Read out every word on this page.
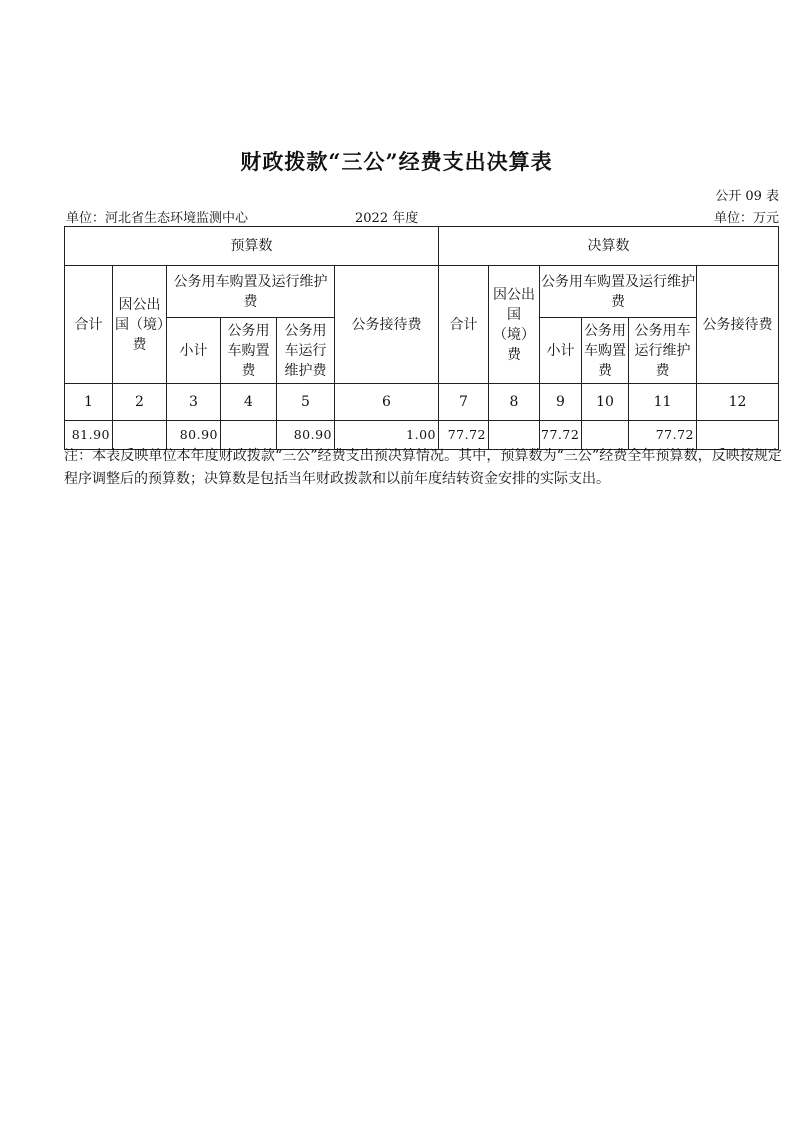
财政拨款“三公”经费支出决算表
公开 09 表
单位：河北省生态环境监测中心	2022 年度	单位：万元
预算数						决算数					
合计	因公出国（境）费	公务用车购置及运行维护费			公务接待费	合计	因公出国（境）费	公务用车购置及运行维护费			公务接待费
		小计	公务用车购置费	公务用车运行维护费				小计	公务用车购置费	公务用车运行维护费	
1	2	3	4	5	6	7	8	9	10	11	12
81.90		80.90		80.90	1.00	77.72		77.72		77.72	
注：本表反映单位本年度财政拨款“三公”经费支出预决算情况。其中，预算数为“三公”经费全年预算数，反映按规定程序调整后的预算数；决算数是包括当年财政拨款和以前年度结转资金安排的实际支出。
